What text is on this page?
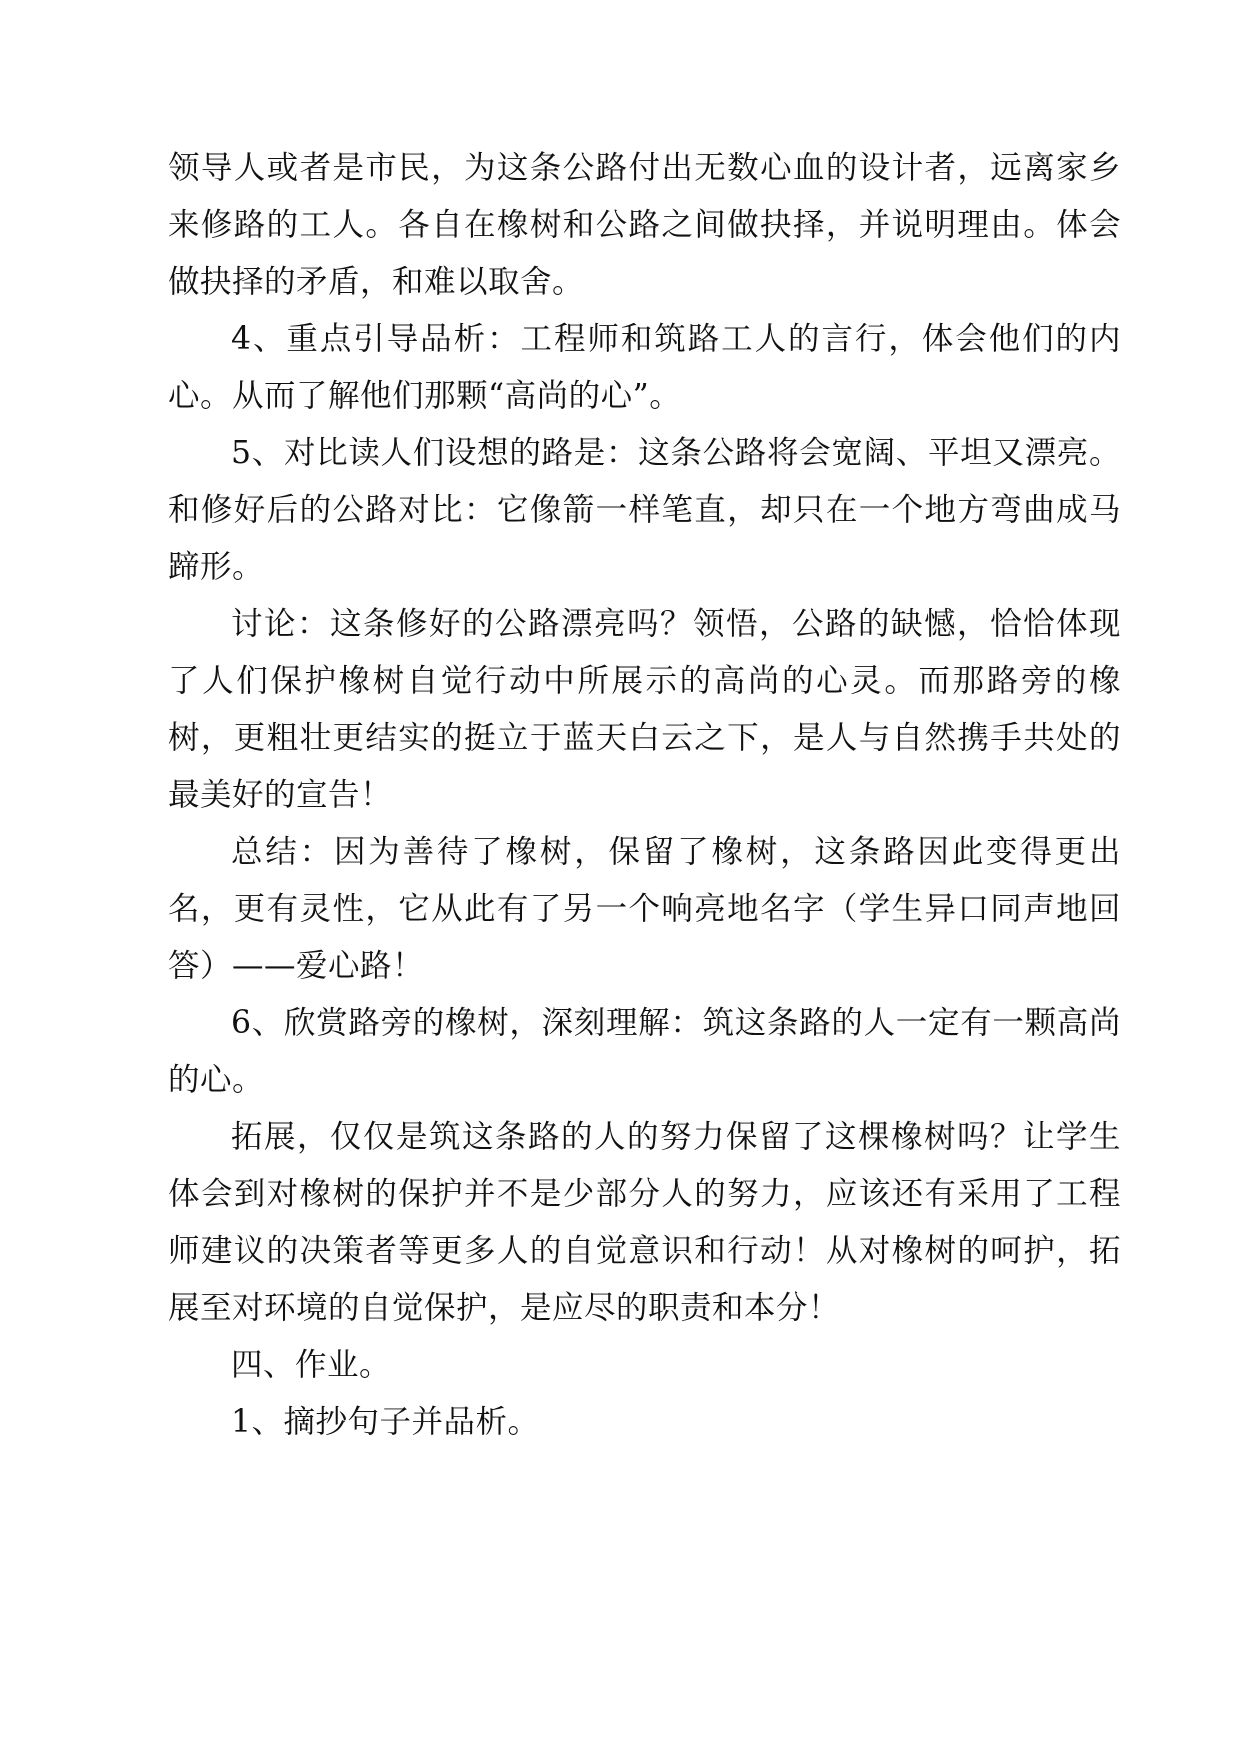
领导人或者是市民，为这条公路付出无数心血的设计者，远离家乡来修路的工人。各自在橡树和公路之间做抉择，并说明理由。体会做抉择的矛盾，和难以取舍。

4、重点引导品析：工程师和筑路工人的言行，体会他们的内心。从而了解他们那颗“高尚的心”。

5、对比读人们设想的路是：这条公路将会宽阔、平坦又漂亮。和修好后的公路对比：它像箭一样笔直，却只在一个地方弯曲成马蹄形。

讨论：这条修好的公路漂亮吗？领悟，公路的缺憾，恰恰体现了人们保护橡树自觉行动中所展示的高尚的心灵。而那路旁的橡树，更粗壮更结实的挺立于蓝天白云之下，是人与自然携手共处的最美好的宣告！

总结：因为善待了橡树，保留了橡树，这条路因此变得更出名，更有灵性，它从此有了另一个响亮地名字（学生异口同声地回答）——爱心路！

6、欣赏路旁的橡树，深刻理解：筑这条路的人一定有一颗高尚的心。

拓展，仅仅是筑这条路的人的努力保留了这棵橡树吗？让学生体会到对橡树的保护并不是少部分人的努力，应该还有采用了工程师建议的决策者等更多人的自觉意识和行动！从对橡树的呵护，拓展至对环境的自觉保护，是应尽的职责和本分！

四、作业。

1、摘抄句子并品析。
